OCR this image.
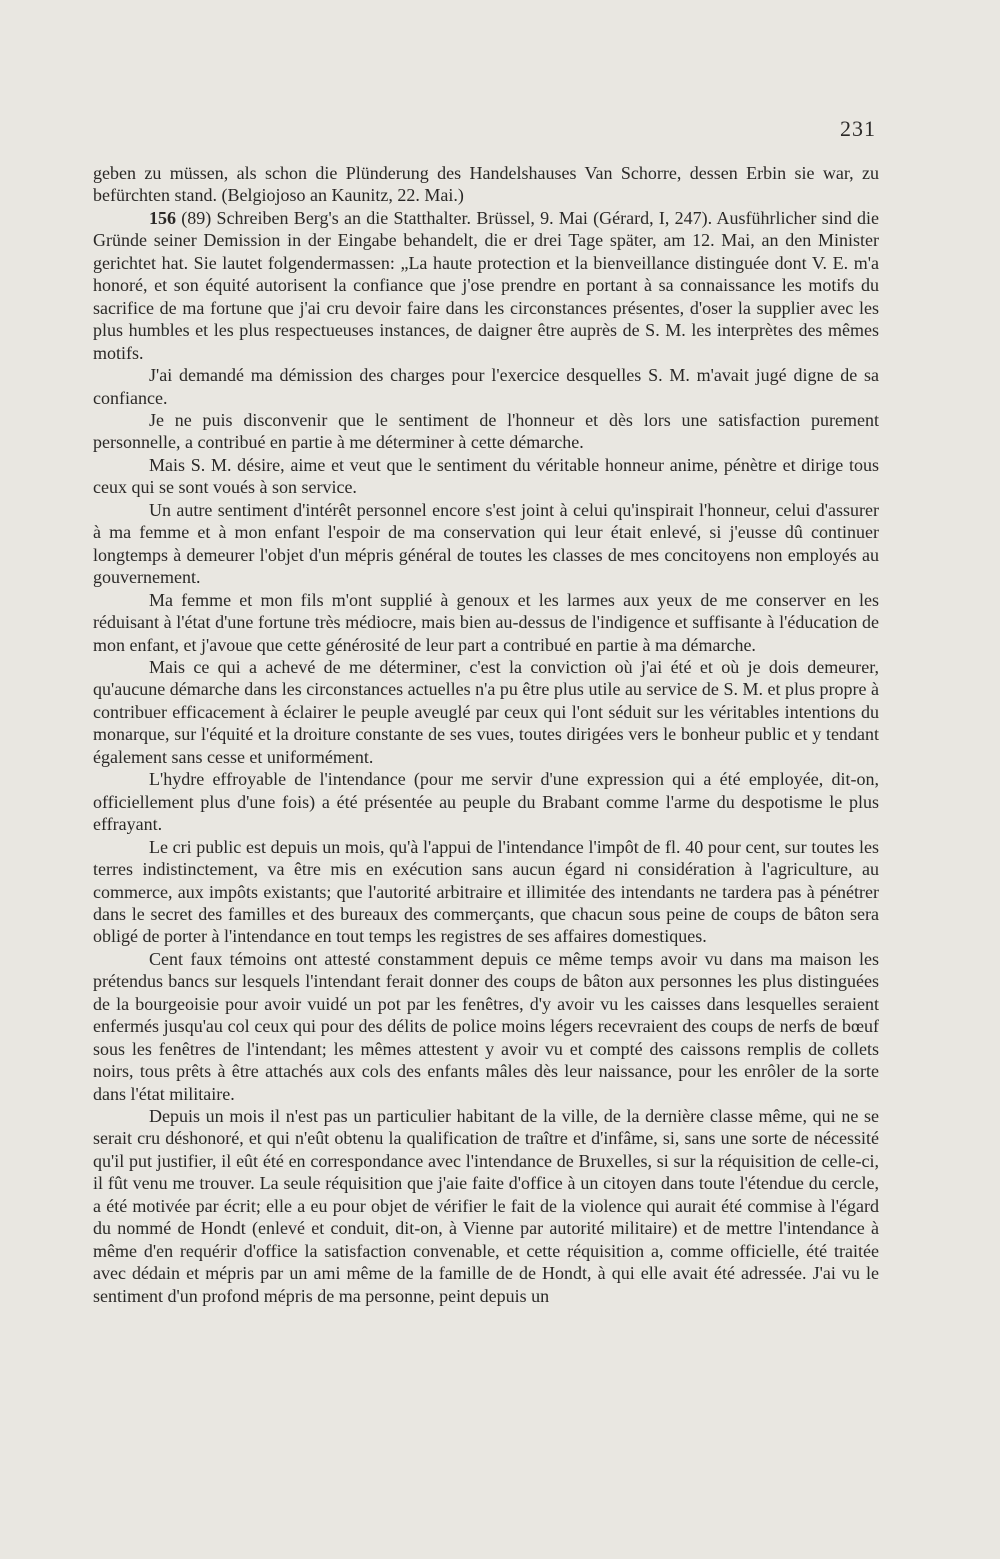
231

geben zu müssen, als schon die Plünderung des Handelshauses Van Schorre, dessen Erbin sie war, zu befürchten stand. (Belgiojoso an Kaunitz, 22. Mai.)

156 (89) Schreiben Berg's an die Statthalter. Brüssel, 9. Mai (Gérard, I, 247). Ausführlicher sind die Gründe seiner Demission in der Eingabe behandelt, die er drei Tage später, am 12. Mai, an den Minister gerichtet hat. Sie lautet folgendermassen: „La haute protection et la bienveillance distinguée dont V. E. m'a honoré, et son équité autorisent la confiance que j'ose prendre en portant à sa connaissance les motifs du sacrifice de ma fortune que j'ai cru devoir faire dans les circonstances présentes, d'oser la supplier avec les plus humbles et les plus respectueuses instances, de daigner être auprès de S. M. les interprètes des mêmes motifs.

J'ai demandé ma démission des charges pour l'exercice desquelles S. M. m'avait jugé digne de sa confiance.

Je ne puis disconvenir que le sentiment de l'honneur et dès lors une satisfaction purement personnelle, a contribué en partie à me déterminer à cette démarche.

Mais S. M. désire, aime et veut que le sentiment du véritable honneur anime, pénètre et dirige tous ceux qui se sont voués à son service.

Un autre sentiment d'intérêt personnel encore s'est joint à celui qu'inspirait l'honneur, celui d'assurer à ma femme et à mon enfant l'espoir de ma conservation qui leur était enlevé, si j'eusse dû continuer longtemps à demeurer l'objet d'un mépris général de toutes les classes de mes concitoyens non employés au gouvernement.

Ma femme et mon fils m'ont supplié à genoux et les larmes aux yeux de me conserver en les réduisant à l'état d'une fortune très médiocre, mais bien au-dessus de l'indigence et suffisante à l'éducation de mon enfant, et j'avoue que cette générosité de leur part a contribué en partie à ma démarche.

Mais ce qui a achevé de me déterminer, c'est la conviction où j'ai été et où je dois demeurer, qu'aucune démarche dans les circonstances actuelles n'a pu être plus utile au service de S. M. et plus propre à contribuer efficacement à éclairer le peuple aveuglé par ceux qui l'ont séduit sur les véritables intentions du monarque, sur l'équité et la droiture constante de ses vues, toutes dirigées vers le bonheur public et y tendant également sans cesse et uniformément.

L'hydre effroyable de l'intendance (pour me servir d'une expression qui a été employée, dit-on, officiellement plus d'une fois) a été présentée au peuple du Brabant comme l'arme du despotisme le plus effrayant.

Le cri public est depuis un mois, qu'à l'appui de l'intendance l'impôt de fl. 40 pour cent, sur toutes les terres indistinctement, va être mis en exécution sans aucun égard ni considération à l'agriculture, au commerce, aux impôts existants; que l'autorité arbitraire et illimitée des intendants ne tardera pas à pénétrer dans le secret des familles et des bureaux des commerçants, que chacun sous peine de coups de bâton sera obligé de porter à l'intendance en tout temps les registres de ses affaires domestiques.

Cent faux témoins ont attesté constamment depuis ce même temps avoir vu dans ma maison les prétendus bancs sur lesquels l'intendant ferait donner des coups de bâton aux personnes les plus distinguées de la bourgeoisie pour avoir vuidé un pot par les fenêtres, d'y avoir vu les caisses dans lesquelles seraient enfermés jusqu'au col ceux qui pour des délits de police moins légers recevraient des coups de nerfs de bœuf sous les fenêtres de l'intendant; les mêmes attestent y avoir vu et compté des caissons remplis de collets noirs, tous prêts à être attachés aux cols des enfants mâles dès leur naissance, pour les enrôler de la sorte dans l'état militaire.

Depuis un mois il n'est pas un particulier habitant de la ville, de la dernière classe même, qui ne se serait cru déshonoré, et qui n'eût obtenu la qualification de traître et d'infâme, si, sans une sorte de nécessité qu'il put justifier, il eût été en correspondance avec l'intendance de Bruxelles, si sur la réquisition de celle-ci, il fût venu me trouver. La seule réquisition que j'aie faite d'office à un citoyen dans toute l'étendue du cercle, a été motivée par écrit; elle a eu pour objet de vérifier le fait de la violence qui aurait été commise à l'égard du nommé de Hondt (enlevé et conduit, dit-on, à Vienne par autorité militaire) et de mettre l'intendance à même d'en requérir d'office la satisfaction convenable, et cette réquisition a, comme officielle, été traitée avec dédain et mépris par un ami même de la famille de de Hondt, à qui elle avait été adressée. J'ai vu le sentiment d'un profond mépris de ma personne, peint depuis un
